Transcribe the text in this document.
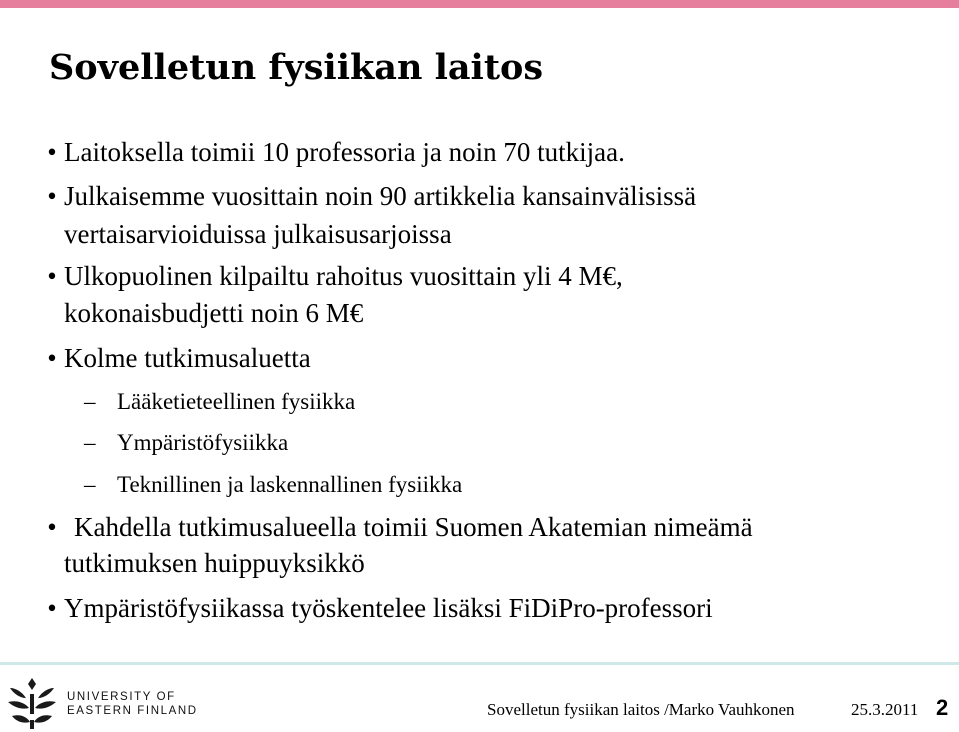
Sovelletun fysiikan laitos
• Laitoksella toimii 10 professoria ja noin 70 tutkijaa.
• Julkaisemme vuosittain noin 90 artikkelia kansainvälisissä
vertaisarvioiduissa julkaisusarjoissa
• Ulkopuolinen kilpailtu rahoitus vuosittain yli 4 M€,
kokonaisbudjetti noin 6 M€
• Kolme tutkimusaluetta
– Lääketieteellinen fysiikka
– Ympäristöfysiikka
– Teknillinen ja laskennallinen fysiikka
• Kahdella tutkimusalueella toimii Suomen Akatemian nimeämä
tutkimuksen huippuyksikkö
• Ympäristöfysiikassa työskentelee lisäksi FiDiPro-professori
UNIVERSITY OF
EASTERN FINLAND	Sovelletun fysiikan laitos /Marko Vauhkonen	25.3.2011 2
